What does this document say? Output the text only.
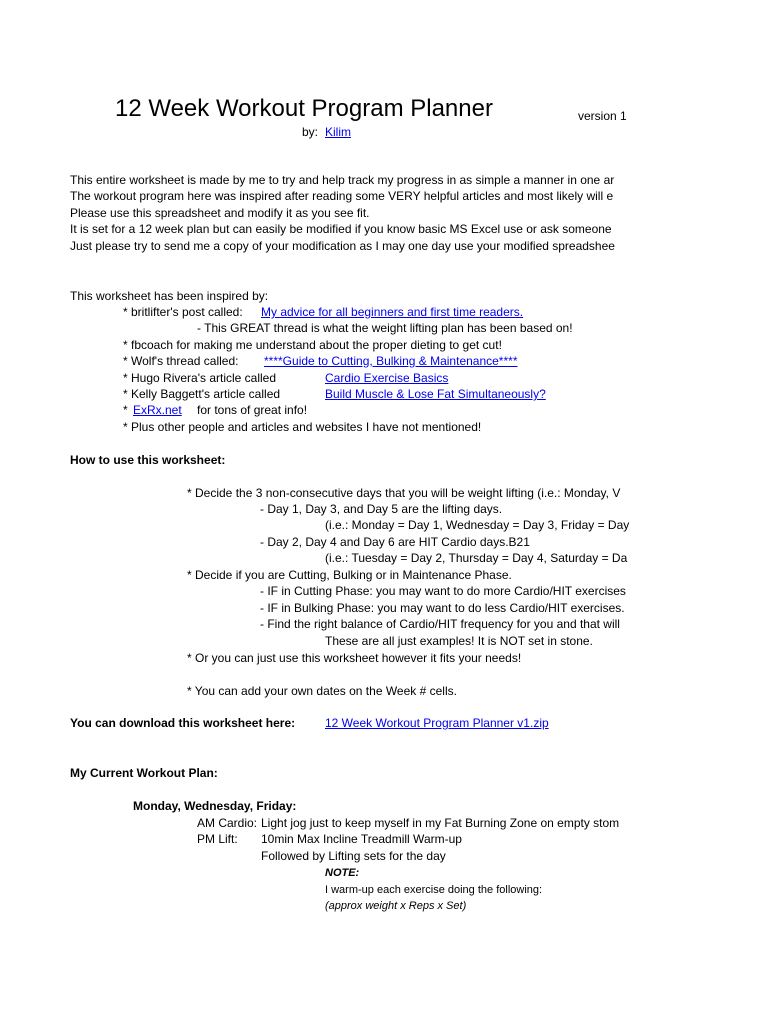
12 Week Workout Program Planner	version 1
by: Kilim
This entire worksheet is made by me to try and help track my progress in as simple a manner in one ar
The workout program here was inspired after reading some VERY helpful articles and most likely will e
Please use this spreadsheet and modify it as you see fit.
It is set for a 12 week plan but can easily be modified if you know basic MS Excel use or ask someone
Just please try to send me a copy of your modification as I may one day use your modified spreadshee
This worksheet has been inspired by:
* britlifter's post called: My advice for all beginners and first time readers.
- This GREAT thread is what the weight lifting plan has been based on!
* fbcoach for making me understand about the proper dieting to get cut!
* Wolf's thread called: ****Guide to Cutting, Bulking & Maintenance****
* Hugo Rivera's article called	Cardio Exercise Basics
* Kelly Baggett's article called	Build Muscle & Lose Fat Simultaneously?
* ExRx.net for tons of great info!
* Plus other people and articles and websites I have not mentioned!
How to use this worksheet:
* Decide the 3 non-consecutive days that you will be weight lifting (i.e.: Monday, V
- Day 1, Day 3, and Day 5 are the lifting days.
(i.e.: Monday = Day 1, Wednesday = Day 3, Friday = Day
- Day 2, Day 4 and Day 6 are HIT Cardio days.B21
(i.e.: Tuesday = Day 2, Thursday = Day 4, Saturday = Da
* Decide if you are Cutting, Bulking or in Maintenance Phase.
- IF in Cutting Phase: you may want to do more Cardio/HIT exercises
- IF in Bulking Phase: you may want to do less Cardio/HIT exercises.
- Find the right balance of Cardio/HIT frequency for you and that will
These are all just examples! It is NOT set in stone.
* Or you can just use this worksheet however it fits your needs!
* You can add your own dates on the Week # cells.
You can download this worksheet here: 12 Week Workout Program Planner v1.zip
My Current Workout Plan:
Monday, Wednesday, Friday:
AM Cardio: Light jog just to keep myself in my Fat Burning Zone on empty stom
PM Lift: 10min Max Incline Treadmill Warm-up
Followed by Lifting sets for the day
NOTE:
I warm-up each exercise doing the following:
(approx weight x Reps x Set)
